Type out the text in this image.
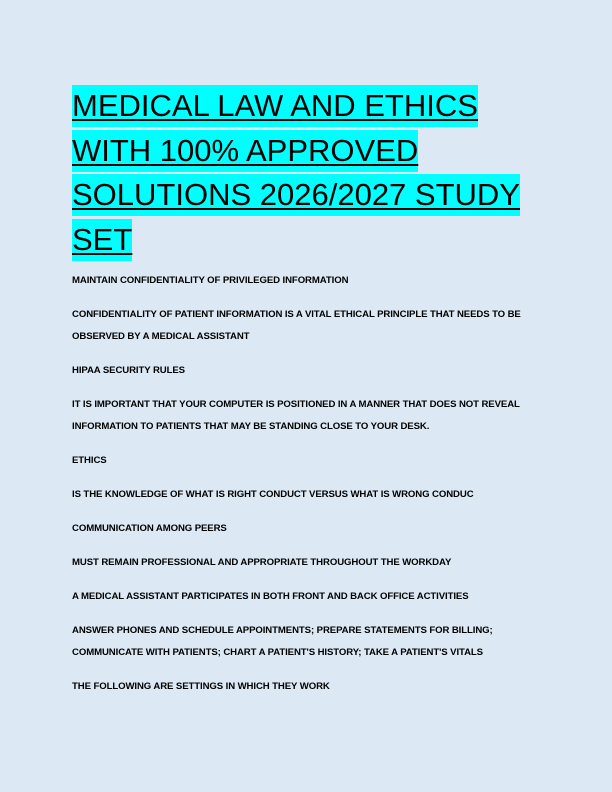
MEDICAL LAW AND ETHICS WITH 100% APPROVED SOLUTIONS 2026/2027 STUDY SET
MAINTAIN CONFIDENTIALITY OF PRIVILEGED INFORMATION
CONFIDENTIALITY OF PATIENT INFORMATION IS A VITAL ETHICAL PRINCIPLE THAT NEEDS TO BE OBSERVED BY A MEDICAL ASSISTANT
HIPAA SECURITY RULES
IT IS IMPORTANT THAT YOUR COMPUTER IS POSITIONED IN A MANNER THAT DOES NOT REVEAL INFORMATION TO PATIENTS THAT MAY BE STANDING CLOSE TO YOUR DESK.
ETHICS
IS THE KNOWLEDGE OF WHAT IS RIGHT CONDUCT VERSUS WHAT IS WRONG CONDUC
COMMUNICATION AMONG PEERS
MUST REMAIN PROFESSIONAL AND APPROPRIATE THROUGHOUT THE WORKDAY
A MEDICAL ASSISTANT PARTICIPATES IN BOTH FRONT AND BACK OFFICE ACTIVITIES
ANSWER PHONES AND SCHEDULE APPOINTMENTS; PREPARE STATEMENTS FOR BILLING; COMMUNICATE WITH PATIENTS; CHART A PATIENT'S HISTORY; TAKE A PATIENT'S VITALS
THE FOLLOWING ARE SETTINGS IN WHICH THEY WORK
